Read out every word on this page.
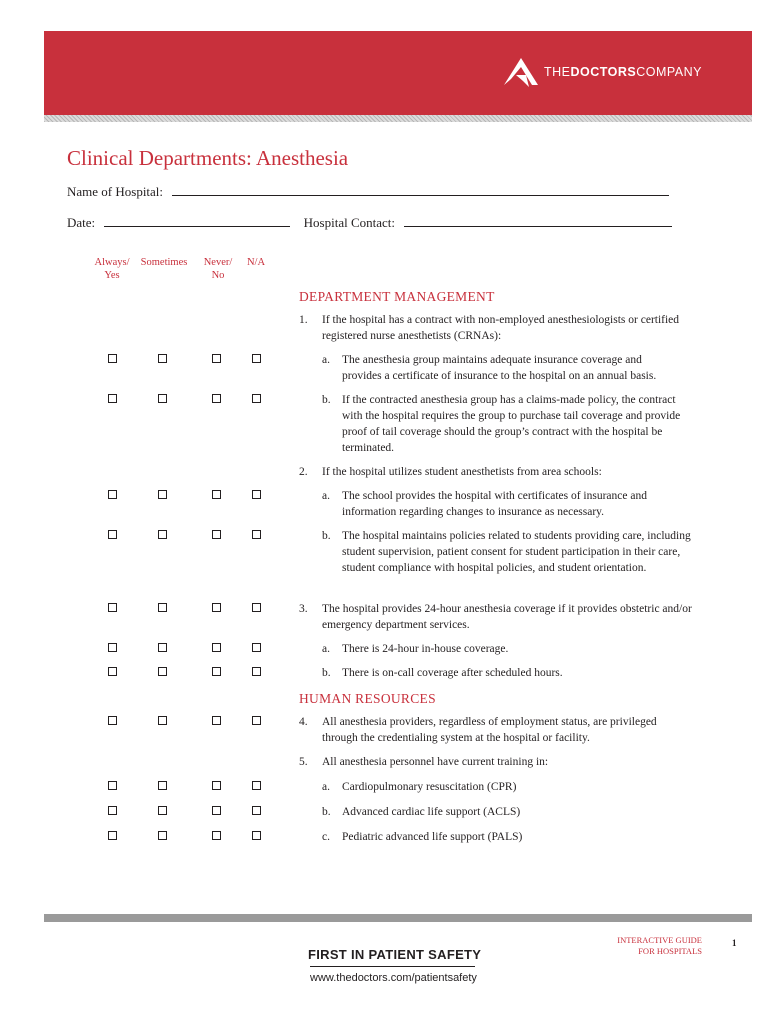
THEDOCTORSCOMPANY
Clinical Departments: Anesthesia
Name of Hospital:
Date:	Hospital Contact:
Always/
Yes
Sometimes	Never/
No
N/A
DEPARTMENT MANAGEMENT
1. If the hospital has a contract with non-employed anesthesiologists or certified registered nurse anesthetists (CRNAs):
a. The anesthesia group maintains adequate insurance coverage and provides a certificate of insurance to the hospital on an annual basis.
b. If the contracted anesthesia group has a claims-made policy, the contract with the hospital requires the group to purchase tail coverage and provide proof of tail coverage should the group’s contract with the hospital be terminated.
2. If the hospital utilizes student anesthetists from area schools:
a. The school provides the hospital with certificates of insurance and information regarding changes to insurance as necessary.
b. The hospital maintains policies related to students providing care, including student supervision, patient consent for student participation in their care, student compliance with hospital policies, and student orientation.
3. The hospital provides 24-hour anesthesia coverage if it provides obstetric and/or emergency department services.
a. There is 24-hour in-house coverage.
b. There is on-call coverage after scheduled hours.
HUMAN RESOURCES
4. All anesthesia providers, regardless of employment status, are privileged through the credentialing system at the hospital or facility.
5. All anesthesia personnel have current training in:
a. Cardiopulmonary resuscitation (CPR)
b. Advanced cardiac life support (ACLS)
c. Pediatric advanced life support (PALS)
FIRST IN PATIENT SAFETY
www.thedoctors.com/patientsafety
INTERACTIVE GUIDE
FOR HOSPITALS
1
